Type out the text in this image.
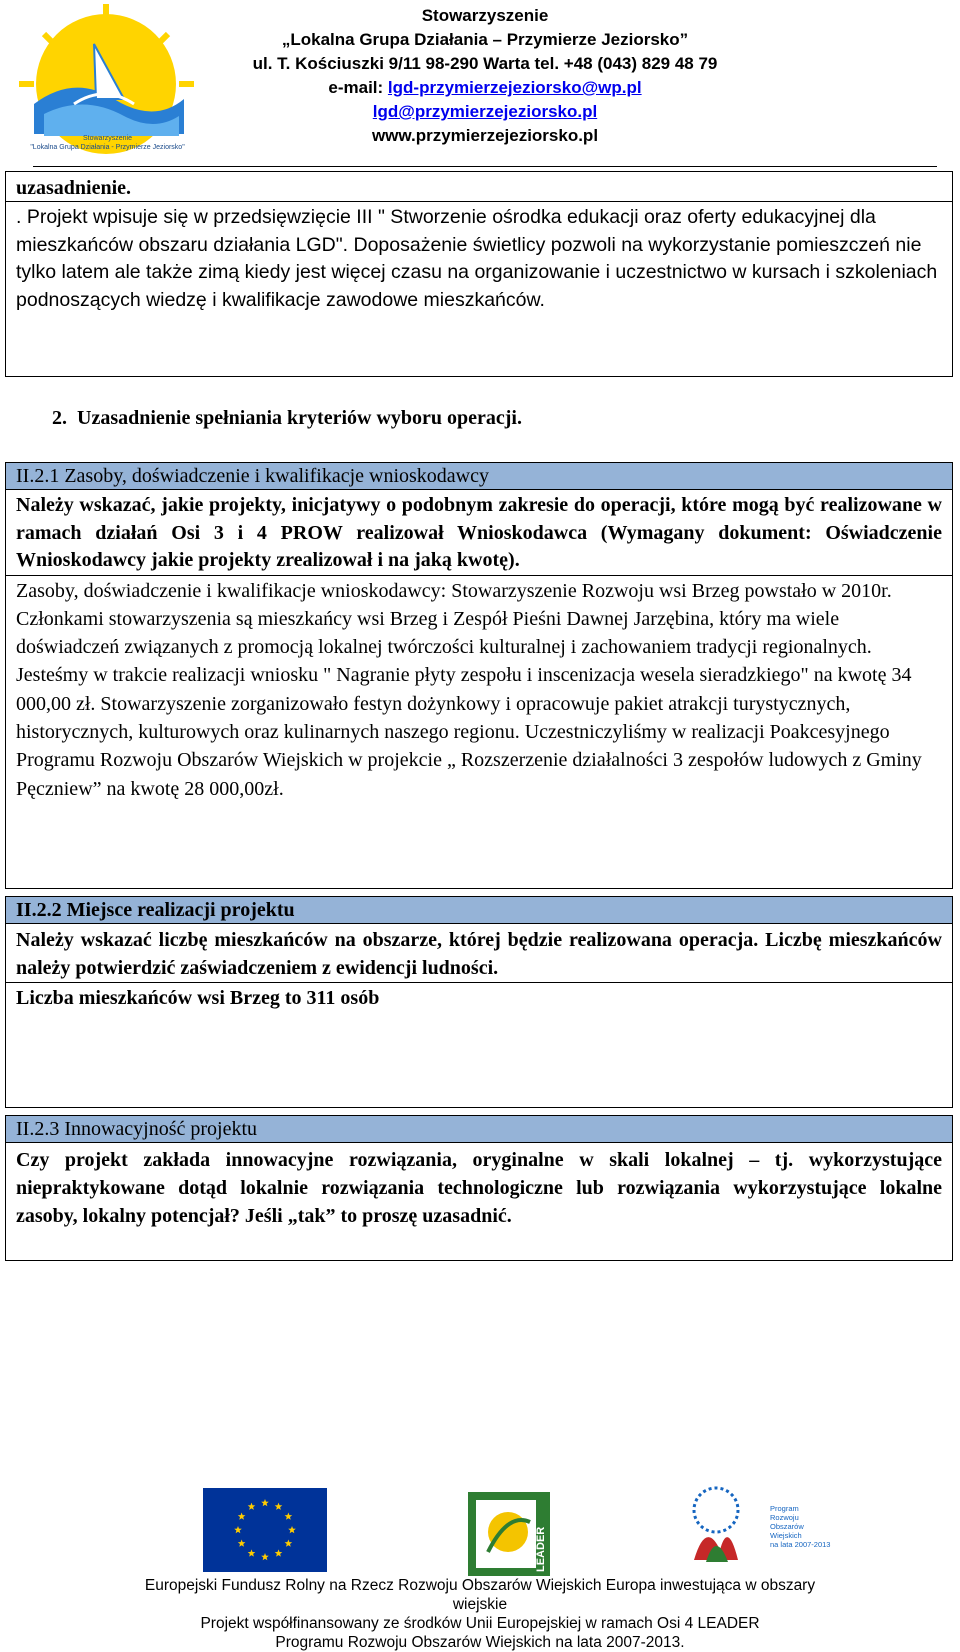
Stowarzyszenie
"Lokalna Grupa Działania - Przymierze Jeziorsko"
Stowarzyszenie
„Lokalna Grupa Działania – Przymierze Jeziorsko”
ul. T. Kościuszki 9/11 98-290 Warta tel. +48 (043) 829 48 79
e-mail: lgd-przymierzejeziorsko@wp.pl
lgd@przymierzejeziorsko.pl
www.przymierzejeziorsko.pl
uzasadnienie.
. Projekt wpisuje się w przedsięwzięcie III " Stworzenie ośrodka edukacji oraz oferty edukacyjnej dla mieszkańców obszaru działania LGD". Doposażenie świetlicy pozwoli na wykorzystanie pomieszczeń nie tylko latem ale także zimą kiedy jest więcej czasu na organizowanie i uczestnictwo w kursach i szkoleniach podnoszących wiedzę i kwalifikacje zawodowe mieszkańców.
2.  Uzasadnienie spełniania kryteriów wyboru operacji.
II.2.1 Zasoby, doświadczenie i kwalifikacje wnioskodawcy
Należy wskazać, jakie projekty, inicjatywy o podobnym zakresie do operacji, które mogą być realizowane w ramach działań Osi 3 i 4 PROW realizował Wnioskodawca (Wymagany dokument: Oświadczenie Wnioskodawcy jakie projekty zrealizował i na jaką kwotę).
Zasoby, doświadczenie i kwalifikacje wnioskodawcy: Stowarzyszenie Rozwoju wsi Brzeg powstało w 2010r. Członkami stowarzyszenia są mieszkańcy wsi Brzeg i Zespół Pieśni Dawnej Jarzębina, który ma wiele doświadczeń związanych z promocją lokalnej twórczości kulturalnej i zachowaniem tradycji regionalnych. Jesteśmy w trakcie realizacji wniosku " Nagranie płyty zespołu i inscenizacja wesela sieradzkiego" na kwotę 34 000,00 zł. Stowarzyszenie zorganizowało festyn dożynkowy i opracowuje pakiet atrakcji turystycznych, historycznych, kulturowych oraz kulinarnych naszego regionu. Uczestniczyliśmy w realizacji Poakcesyjnego Programu Rozwoju Obszarów Wiejskich w projekcie „ Rozszerzenie działalności 3 zespołów ludowych z Gminy Pęczniew” na kwotę 28 000,00zł.
II.2.2 Miejsce realizacji projektu
Należy wskazać liczbę mieszkańców na obszarze, której będzie realizowana operacja. Liczbę mieszkańców należy potwierdzić zaświadczeniem z ewidencji ludności.
Liczba mieszkańców wsi Brzeg to 311 osób
II.2.3 Innowacyjność projektu
Czy projekt zakłada innowacyjne rozwiązania, oryginalne w skali lokalnej – tj. wykorzystujące niepraktykowane dotąd lokalnie rozwiązania technologiczne lub rozwiązania wykorzystujące lokalne zasoby, lokalny potencjał? Jeśli „tak” to proszę uzasadnić.
LEADER
Program
Rozwoju
Obszarów
Wiejskich
na lata 2007-2013
Europejski Fundusz Rolny na Rzecz Rozwoju Obszarów Wiejskich Europa inwestująca w obszary
wiejskie
Projekt współfinansowany ze środków Unii Europejskiej w ramach Osi 4 LEADER
Programu Rozwoju Obszarów Wiejskich na lata 2007-2013.
